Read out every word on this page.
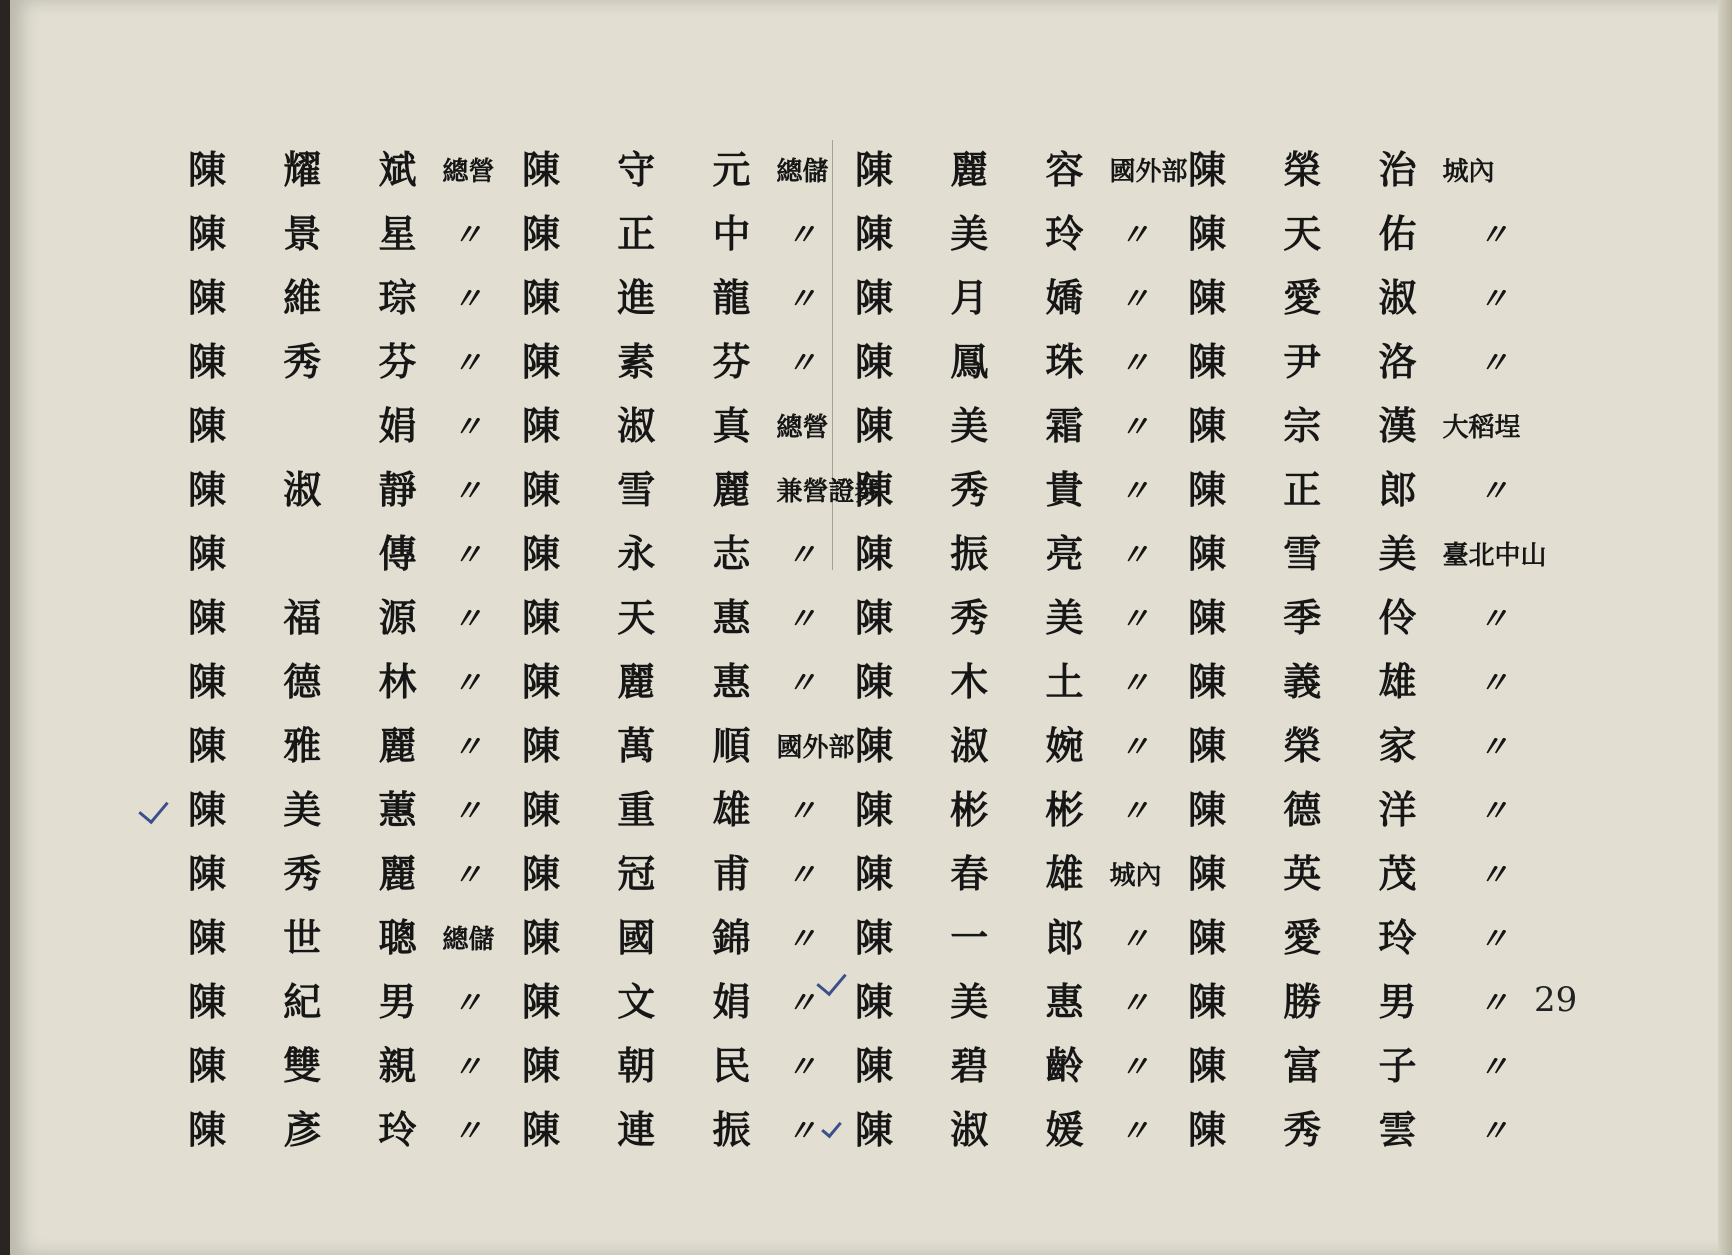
陳 耀 斌 總營
陳 景 星 〃
陳 維 琮 〃
陳 秀 芬 〃
陳 　 娟 〃
陳 淑 靜 〃
陳 　 傳 〃
陳 福 源 〃
陳 德 林 〃
陳 雅 麗 〃
陳 美 蕙 〃
陳 秀 麗 〃
陳 世 聰 總儲
陳 紀 男 〃
陳 雙 親 〃
陳 彥 玲 〃
陳 守 元 總儲
陳 正 中 〃
陳 進 龍 〃
陳 素 芬 〃
陳 淑 真 總營
陳 雪 麗 兼營證券
陳 永 志 〃
陳 天 惠 〃
陳 麗 惠 〃
陳 萬 順 國外部
陳 重 雄 〃
陳 冠 甫 〃
陳 國 錦 〃
陳 文 娟 〃
陳 朝 民 〃
陳 連 振 〃
陳 麗 容 國外部
陳 美 玲 〃
陳 月 嬌 〃
陳 鳳 珠 〃
陳 美 霜 〃
陳 秀 貴 〃
陳 振 亮 〃
陳 秀 美 〃
陳 木 土 〃
陳 淑 婉 〃
陳 彬 彬 〃
陳 春 雄 城內
陳 一 郎 〃
陳 美 惠 〃
陳 碧 齡 〃
陳 淑 媛 〃
陳 榮 治 城內
陳 天 佑 〃
陳 愛 淑 〃
陳 尹 洛 〃
陳 宗 漢 大稻埕
陳 正 郎 〃
陳 雪 美 臺北中山
陳 季 伶 〃
陳 義 雄 〃
陳 榮 家 〃
陳 德 洋 〃
陳 英 茂 〃
陳 愛 玲 〃
陳 勝 男 〃
陳 富 子 〃
陳 秀 雲 〃
29
